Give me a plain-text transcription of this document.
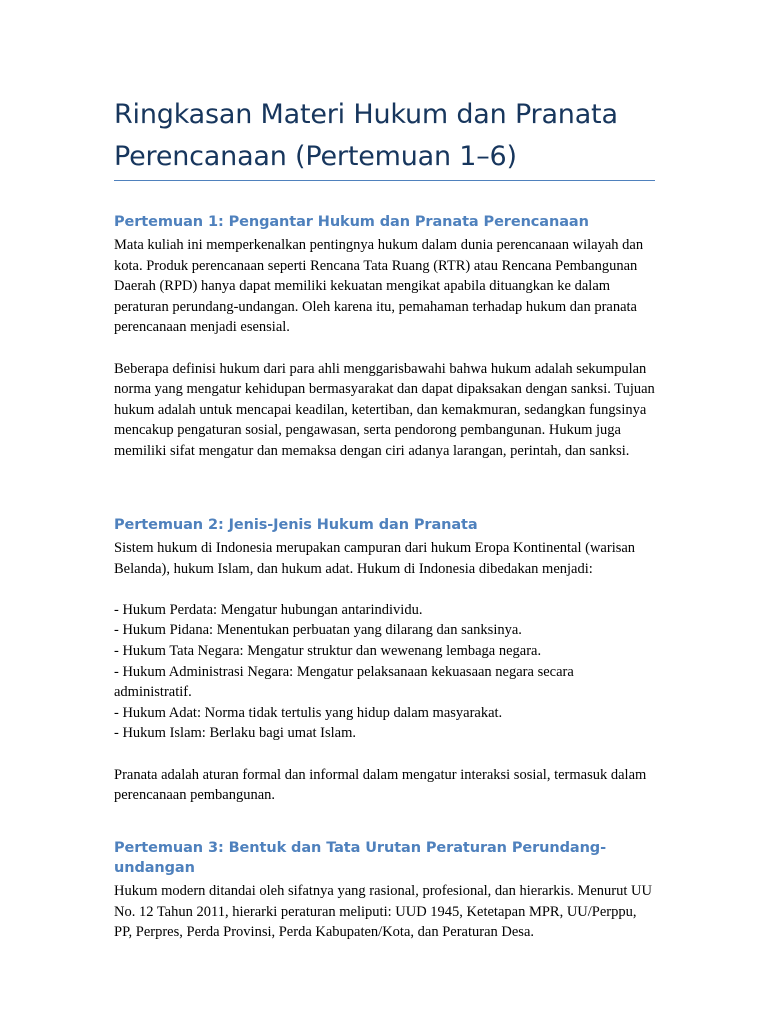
Ringkasan Materi Hukum dan Pranata
Perencanaan (Pertemuan 1–6)
Pertemuan 1: Pengantar Hukum dan Pranata Perencanaan

Mata kuliah ini memperkenalkan pentingnya hukum dalam dunia perencanaan wilayah dan kota. Produk perencanaan seperti Rencana Tata Ruang (RTR) atau Rencana Pembangunan Daerah (RPD) hanya dapat memiliki kekuatan mengikat apabila dituangkan ke dalam peraturan perundang-undangan. Oleh karena itu, pemahaman terhadap hukum dan pranata perencanaan menjadi esensial.

Beberapa definisi hukum dari para ahli menggarisbawahi bahwa hukum adalah sekumpulan norma yang mengatur kehidupan bermasyarakat dan dapat dipaksakan dengan sanksi. Tujuan hukum adalah untuk mencapai keadilan, ketertiban, dan kemakmuran, sedangkan fungsinya mencakup pengaturan sosial, pengawasan, serta pendorong pembangunan. Hukum juga memiliki sifat mengatur dan memaksa dengan ciri adanya larangan, perintah, dan sanksi.

Pertemuan 2: Jenis-Jenis Hukum dan Pranata

Sistem hukum di Indonesia merupakan campuran dari hukum Eropa Kontinental (warisan Belanda), hukum Islam, dan hukum adat. Hukum di Indonesia dibedakan menjadi:

- Hukum Perdata: Mengatur hubungan antarindividu.
- Hukum Pidana: Menentukan perbuatan yang dilarang dan sanksinya.
- Hukum Tata Negara: Mengatur struktur dan wewenang lembaga negara.
- Hukum Administrasi Negara: Mengatur pelaksanaan kekuasaan negara secara administratif.
- Hukum Adat: Norma tidak tertulis yang hidup dalam masyarakat.
- Hukum Islam: Berlaku bagi umat Islam.

Pranata adalah aturan formal dan informal dalam mengatur interaksi sosial, termasuk dalam perencanaan pembangunan.

Pertemuan 3: Bentuk dan Tata Urutan Peraturan Perundang-undangan

Hukum modern ditandai oleh sifatnya yang rasional, profesional, dan hierarkis. Menurut UU No. 12 Tahun 2011, hierarki peraturan meliputi: UUD 1945, Ketetapan MPR, UU/Perppu, PP, Perpres, Perda Provinsi, Perda Kabupaten/Kota, dan Peraturan Desa.
